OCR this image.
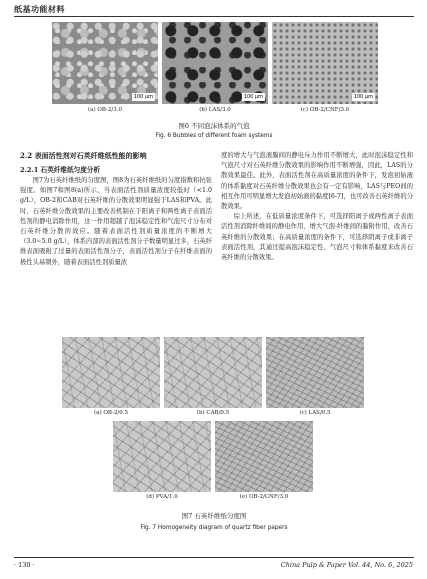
纸基功能材料
100 μm	100 μm	100 μm
(a) OB-2/3.0	(b) LAS/3.0	(c) OB-2/CNF/3.0
图6 不同泡沫体系的气泡
Fig. 6 Bubbles of different foam systems
2.2 表面活性剂对石英纤维纸性能的影响
2.2.1 石英纤维纸匀度分析
图7为石英纤维纸的匀度图，图8为石英纤维纸的匀度指数和抗张强度。如图7和图8(a)所示，当表面活性剂质量浓度较低时（<1.0 g/L），OB-2和CAB对石英纤维的分散效果明显强于LAS和PVA。此时，石英纤维分散效果的主要改善机制在于阳离子和两性离子表面活性剂的静电消除作用，这一作用超越了泡沫稳定性和气泡尺寸分布对石英纤维分散的效应。随着表面活性剂质量浓度的不断增大（3.0~5.0 g/L），体系内部的表面活性剂分子数量明显过多，石英纤维表面吸附了过量的表面活性剂分子，表面活性剂分子在纤维表面的极性头基朝外，随着表面活性剂质量浓
度的增大与气泡液膜间的静电斥力作用不断增大，此时泡沫稳定性和气泡尺寸对石英纤维分散效果的影响作用不断增强，因此，LAS的分散效果最佳。此外，表面活性剂在高质量浓度的条件下，发泡初始液的体系黏度对石英纤维分散效果也会有一定有影响，LAS与PEO间的相互作用可明显增大发泡初始液的黏度[6-7]，也可改善石英纤维的分散效果。
综上所述，在低质量浓度条件下，可选择阳离子或两性离子表面活性剂消除纤维间的静电作用，增大气泡-纤维间的黏附作用，改善石英纤维的分散效果；在高质量浓度的条件下，可选择阴离子或非离子表面活性剂，其通过提高泡沫稳定性、气泡尺寸和体系黏度来改善石英纤维的分散效果。
(a) OB-2/0.5	(b) CAB/0.5	(c) LAS/0.5
(d) PVA/1.0	(e) OB-2/CNF/3.0
图7 石英纤维纸匀度图
Fig. 7 Homogeneity diagram of quartz fiber papers
· 130 ·	China Pulp & Paper Vol. 44, No. 6, 2025
